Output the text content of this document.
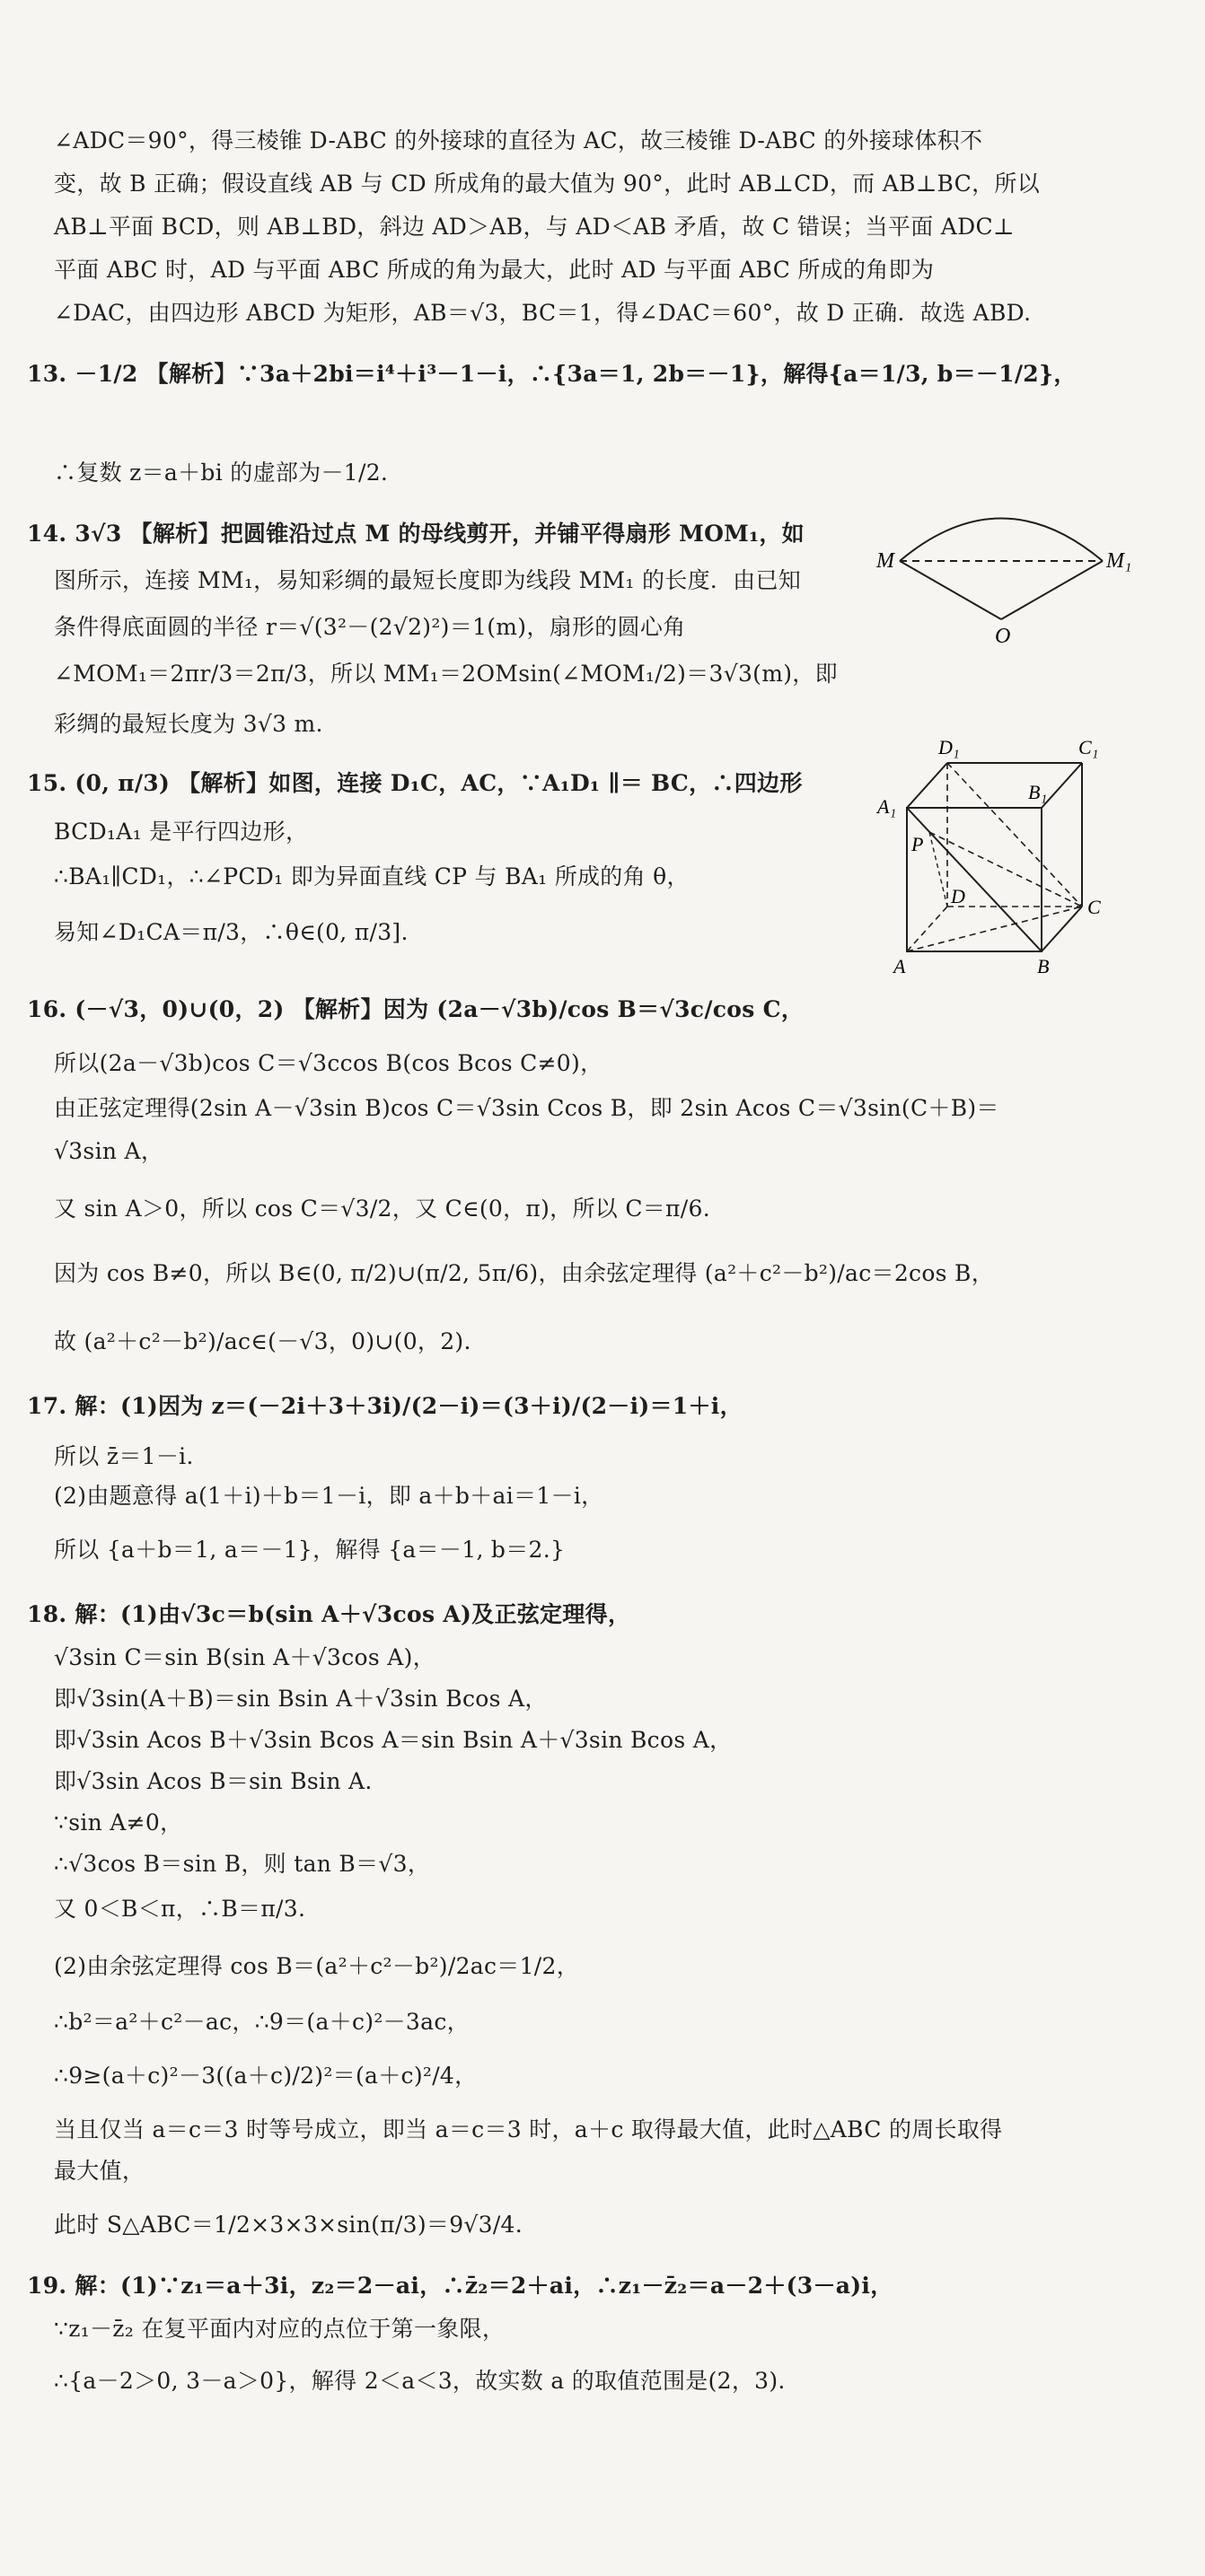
∠ADC＝90°，得三棱锥 D-ABC 的外接球的直径为 AC，故三棱锥 D-ABC 的外接球体积不
变，故 B 正确；假设直线 AB 与 CD 所成角的最大值为 90°，此时 AB⊥CD，而 AB⊥BC，所以
AB⊥平面 BCD，则 AB⊥BD，斜边 AD＞AB，与 AD＜AB 矛盾，故 C 错误；当平面 ADC⊥
平面 ABC 时，AD 与平面 ABC 所成的角为最大，此时 AD 与平面 ABC 所成的角即为
∠DAC，由四边形 ABCD 为矩形，AB＝√3，BC＝1，得∠DAC＝60°，故 D 正确．故选 ABD.
13. －1/2 【解析】∵3a＋2bi＝i⁴＋i³－1－i，∴{3a＝1, 2b＝－1}，解得{a＝1/3, b＝－1/2}，
∴复数 z＝a＋bi 的虚部为－1/2.
14. 3√3 【解析】把圆锥沿过点 M 的母线剪开，并铺平得扇形 MOM₁，如
图所示，连接 MM₁，易知彩绸的最短长度即为线段 MM₁ 的长度．由已知
条件得底面圆的半径 r＝√(3²－(2√2)²)＝1(m)，扇形的圆心角
∠MOM₁＝2πr/3＝2π/3，所以 MM₁＝2OMsin(∠MOM₁/2)＝3√3(m)，即
彩绸的最短长度为 3√3 m.
15. (0, π/3) 【解析】如图，连接 D₁C，AC，∵A₁D₁ ∥＝ BC，∴四边形
BCD₁A₁ 是平行四边形，
∴BA₁∥CD₁，∴∠PCD₁ 即为异面直线 CP 与 BA₁ 所成的角 θ，
易知∠D₁CA＝π/3，∴θ∈(0, π/3].
16. (－√3，0)∪(0，2) 【解析】因为 (2a－√3b)/cos B＝√3c/cos C，
所以(2a－√3b)cos C＝√3ccos B(cos Bcos C≠0)，
由正弦定理得(2sin A－√3sin B)cos C＝√3sin Ccos B，即 2sin Acos C＝√3sin(C＋B)＝
√3sin A，
又 sin A＞0，所以 cos C＝√3/2，又 C∈(0，π)，所以 C＝π/6.
因为 cos B≠0，所以 B∈(0, π/2)∪(π/2, 5π/6)，由余弦定理得 (a²＋c²－b²)/ac＝2cos B，
故 (a²＋c²－b²)/ac∈(－√3，0)∪(0，2).
17. 解：(1)因为 z＝(－2i＋3＋3i)/(2－i)＝(3＋i)/(2－i)＝1＋i，
所以 z̄＝1－i.
(2)由题意得 a(1＋i)＋b＝1－i，即 a＋b＋ai＝1－i，
所以 {a＋b＝1, a＝－1}，解得 {a＝－1, b＝2.}
18. 解：(1)由√3c＝b(sin A＋√3cos A)及正弦定理得，
√3sin C＝sin B(sin A＋√3cos A)，
即√3sin(A＋B)＝sin Bsin A＋√3sin Bcos A，
即√3sin Acos B＋√3sin Bcos A＝sin Bsin A＋√3sin Bcos A，
即√3sin Acos B＝sin Bsin A.
∵sin A≠0，
∴√3cos B＝sin B，则 tan B＝√3，
又 0＜B＜π，∴B＝π/3.
(2)由余弦定理得 cos B＝(a²＋c²－b²)/2ac＝1/2，
∴b²＝a²＋c²－ac，∴9＝(a＋c)²－3ac，
∴9≥(a＋c)²－3((a＋c)/2)²＝(a＋c)²/4，
当且仅当 a＝c＝3 时等号成立，即当 a＝c＝3 时，a＋c 取得最大值，此时△ABC 的周长取得
最大值，
此时 S△ABC＝1/2×3×3×sin(π/3)＝9√3/4.
19. 解：(1)∵z₁＝a＋3i，z₂＝2－ai，∴z̄₂＝2＋ai，∴z₁－z̄₂＝a－2＋(3－a)i，
∵z₁－z̄₂ 在复平面内对应的点位于第一象限，
∴{a－2＞0, 3－a＞0}，解得 2＜a＜3，故实数 a 的取值范围是(2，3).
M	M₁
O
D₁	C₁
A₁
B₁
P
D	C
A	B
